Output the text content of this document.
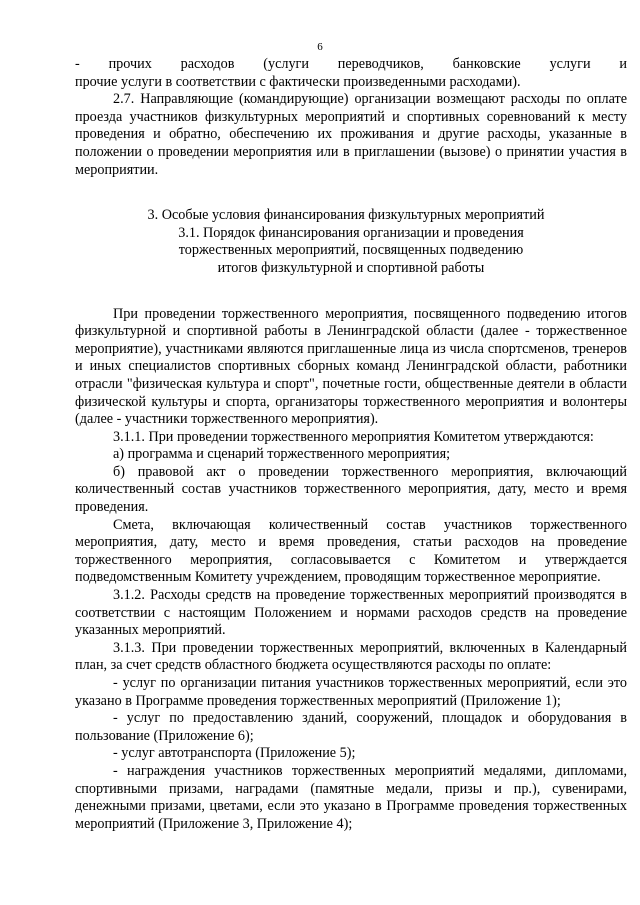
6

- прочих расходов (услуги переводчиков, банковские услуги и

прочие услуги в соответствии с фактически произведенными расходами).

2.7. Направляющие (командирующие) организации возмещают расходы по оплате проезда участников физкультурных мероприятий и спортивных соревнований к месту проведения и обратно, обеспечению их проживания и другие расходы, указанные в положении о проведении мероприятия или в приглашении (вызове) о принятии участия в мероприятии.

3. Особые условия финансирования физкультурных мероприятий

3.1. Порядок финансирования организации и проведения

торжественных мероприятий, посвященных подведению

итогов физкультурной и спортивной работы

При проведении торжественного мероприятия, посвященного подведению итогов физкультурной и спортивной работы в Ленинградской области (далее - торжественное мероприятие), участниками являются приглашенные лица из числа спортсменов, тренеров и иных специалистов спортивных сборных команд Ленинградской области, работники отрасли "физическая культура и спорт", почетные гости, общественные деятели в области физической культуры и спорта, организаторы торжественного мероприятия и волонтеры (далее - участники торжественного мероприятия).

3.1.1. При проведении торжественного мероприятия Комитетом утверждаются:

а) программа и сценарий торжественного мероприятия;

б) правовой акт о проведении торжественного мероприятия, включающий количественный состав участников торжественного мероприятия, дату, место и время проведения.

Смета, включающая количественный состав участников торжественного мероприятия, дату, место и время проведения, статьи расходов на проведение торжественного мероприятия, согласовывается с Комитетом и утверждается подведомственным Комитету учреждением, проводящим торжественное мероприятие.

3.1.2. Расходы средств на проведение торжественных мероприятий производятся в соответствии с настоящим Положением и нормами расходов средств на проведение указанных мероприятий.

3.1.3. При проведении торжественных мероприятий, включенных в Календарный план, за счет средств областного бюджета осуществляются расходы по оплате:

- услуг по организации питания участников торжественных мероприятий, если это указано в Программе проведения торжественных мероприятий (Приложение 1);

- услуг по предоставлению зданий, сооружений, площадок и оборудования в пользование (Приложение 6);

- услуг автотранспорта (Приложение 5);

- награждения участников торжественных мероприятий медалями, дипломами, спортивными призами, наградами (памятные медали, призы и пр.), сувенирами, денежными призами, цветами, если это указано в Программе проведения торжественных мероприятий (Приложение 3, Приложение 4);
